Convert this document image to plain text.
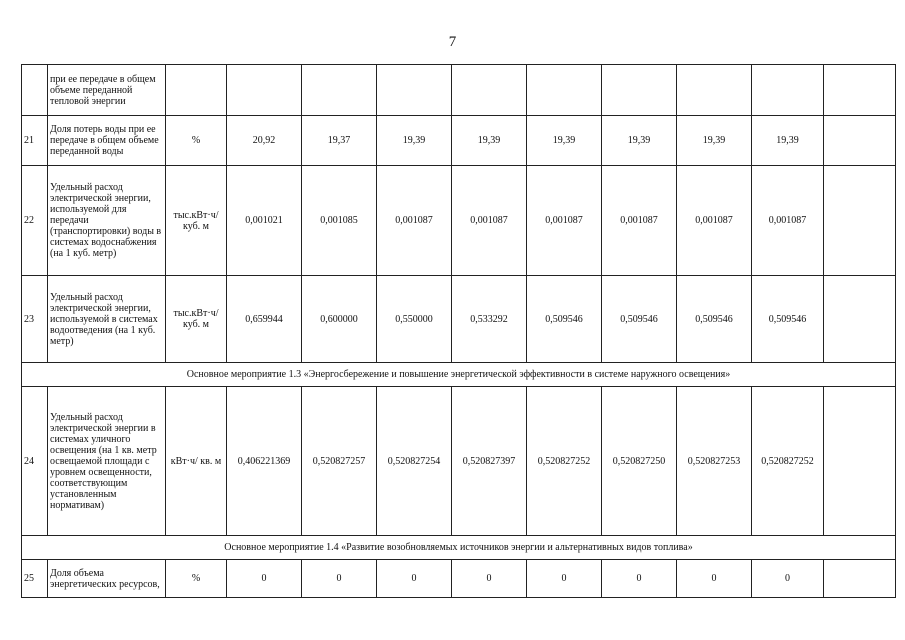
7
	при ее передаче в общем объеме переданной тепловой энергии										
21	Доля потерь воды при ее передаче в общем объеме переданной воды	%	20,92	19,37	19,39	19,39	19,39	19,39	19,39	19,39	
22	Удельный расход электрической энергии, используемой для передачи (транспортировки) воды в системах водоснабжения (на 1 куб. метр)	тыс.кВт·ч/ куб. м	0,001021	0,001085	0,001087	0,001087	0,001087	0,001087	0,001087	0,001087	
23	Удельный расход электрической энергии, используемой в системах водоотведения (на 1 куб. метр)	тыс.кВт·ч/ куб. м	0,659944	0,600000	0,550000	0,533292	0,509546	0,509546	0,509546	0,509546	
Основное мероприятие 1.3 «Энергосбережение и повышение энергетической эффективности в системе наружного освещения»											
24	Удельный расход электрической энергии в системах уличного освещения (на 1 кв. метр освещаемой площади с уровнем освещенности, соответствующим установленным нормативам)	кВт·ч/ кв. м	0,406221369	0,520827257	0,520827254	0,520827397	0,520827252	0,520827250	0,520827253	0,520827252	
Основное мероприятие 1.4 «Развитие возобновляемых источников энергии и альтернативных видов топлива»											
25	Доля объема энергетических ресурсов,	%	0	0	0	0	0	0	0	0	
